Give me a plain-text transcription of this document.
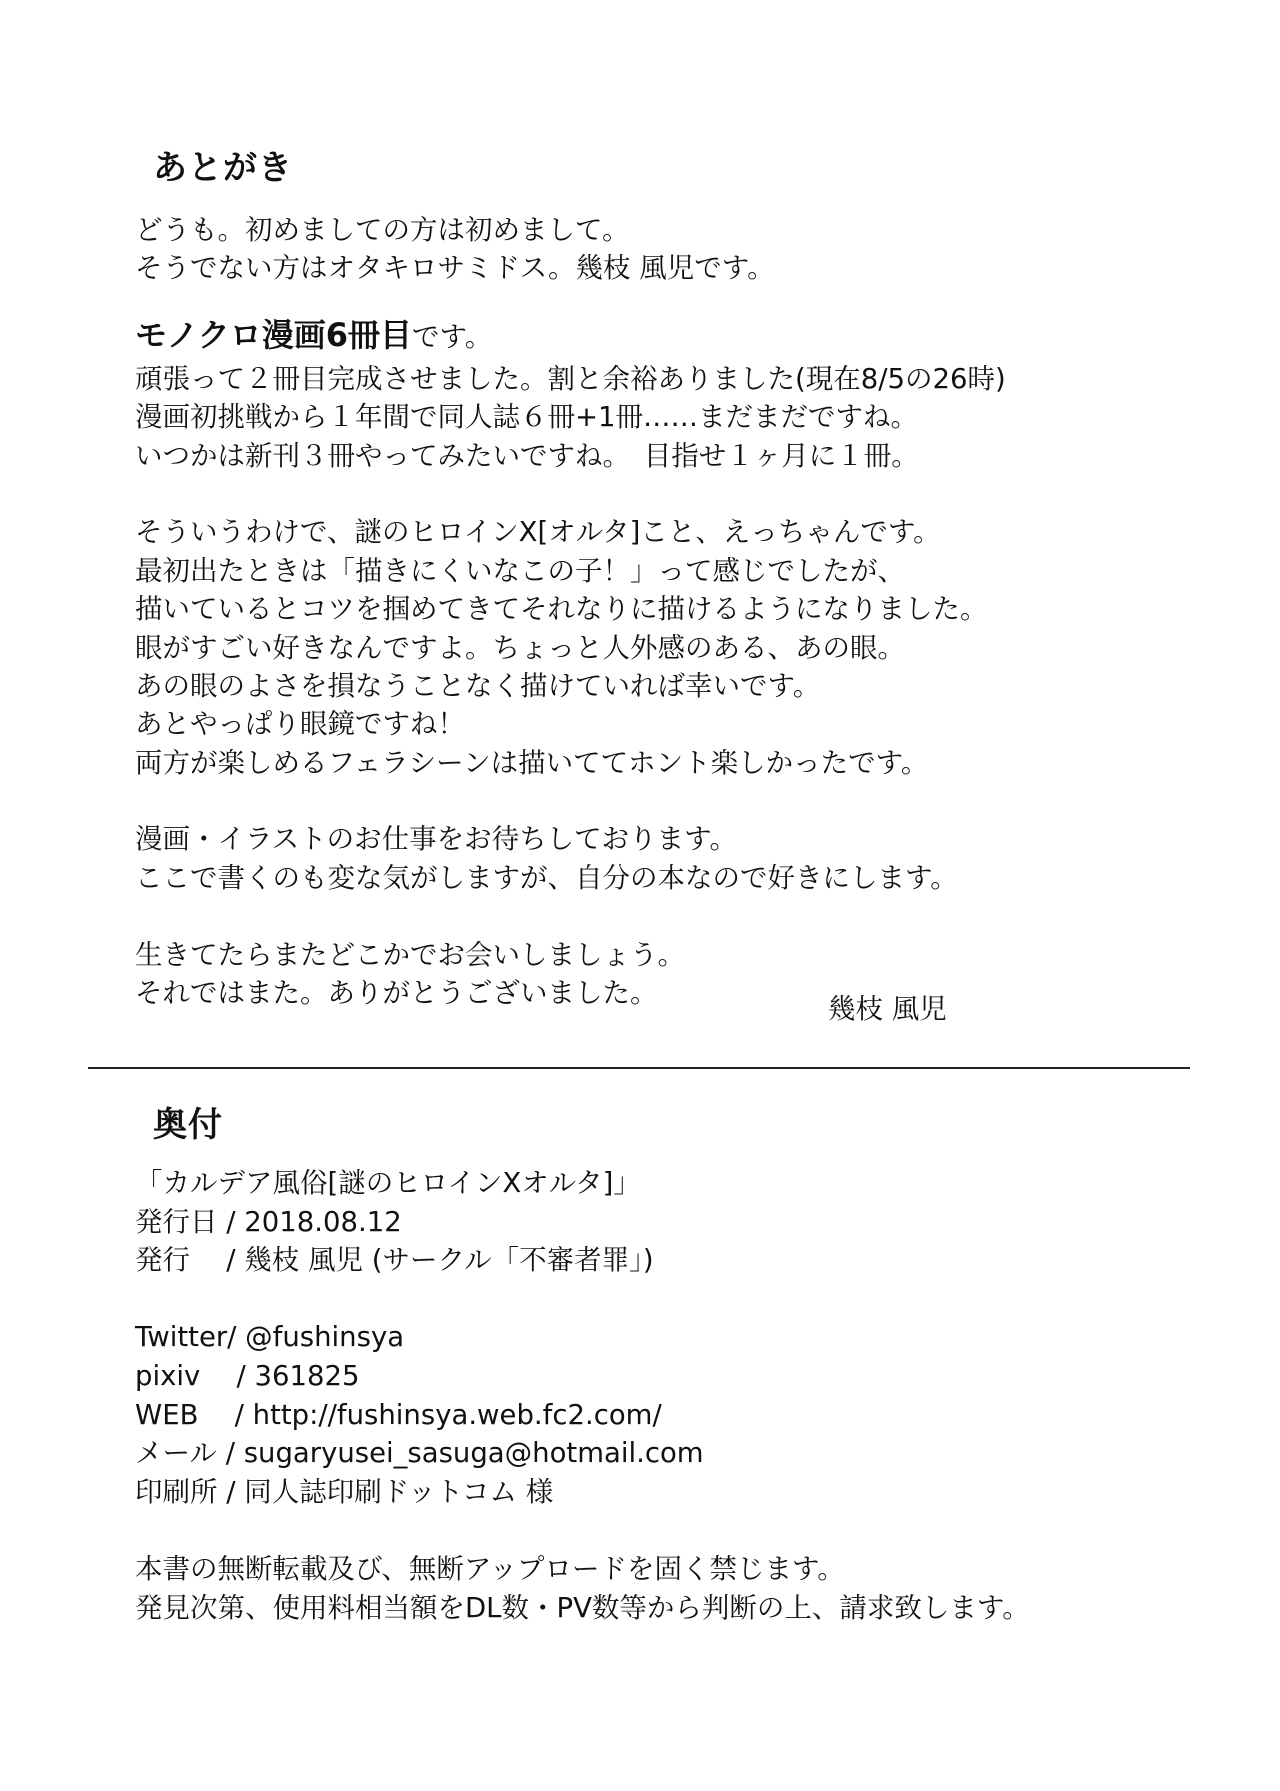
あとがき
どうも。初めましての方は初めまして。
そうでない方はオタキロサミドス。幾枝 風児です。
モノクロ漫画6冊目です。
頑張って２冊目完成させました。割と余裕ありました(現在8/5の26時)
漫画初挑戦から１年間で同人誌６冊+1冊……まだまだですね。
いつかは新刊３冊やってみたいですね。　目指せ１ヶ月に１冊。
そういうわけで、謎のヒロインX[オルタ]こと、えっちゃんです。
最初出たときは「描きにくいなこの子！」って感じでしたが、
描いているとコツを掴めてきてそれなりに描けるようになりました。
眼がすごい好きなんですよ。ちょっと人外感のある、あの眼。
あの眼のよさを損なうことなく描けていれば幸いです。
あとやっぱり眼鏡ですね！
両方が楽しめるフェラシーンは描いててホント楽しかったです。
漫画・イラストのお仕事をお待ちしております。
ここで書くのも変な気がしますが、自分の本なので好きにします。
生きてたらまたどこかでお会いしましょう。
それではまた。ありがとうございました。	幾枝 風児
奥付
「カルデア風俗[謎のヒロインXオルタ]」
発行日 / 2018.08.12
発行　 / 幾枝 風児 (サークル「不審者罪」)
Twitter/ @fushinsya
pixiv　 / 361825
WEB　 / http://fushinsya.web.fc2.com/
メール / sugaryusei_sasuga@hotmail.com
印刷所 / 同人誌印刷ドットコム 様
本書の無断転載及び、無断アップロードを固く禁じます。
発見次第、使用料相当額をDL数・PV数等から判断の上、請求致します。
